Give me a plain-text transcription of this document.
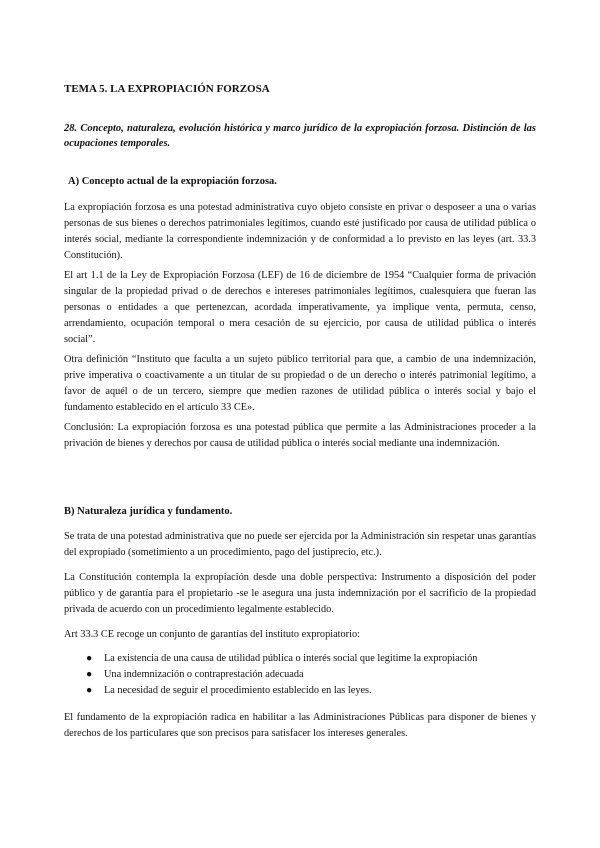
TEMA 5. LA EXPROPIACIÓN FORZOSA
28. Concepto, naturaleza, evolución histórica y marco jurídico de la expropiación forzosa. Distinción de las ocupaciones temporales.
A) Concepto actual de la expropiación forzosa.
La expropiación forzosa es una potestad administrativa cuyo objeto consiste en privar o desposeer a una o varias personas de sus bienes o derechos patrimoniales legítimos, cuando esté justificado por causa de utilidad pública o interés social, mediante la correspondiente indemnización y de conformidad a lo previsto en las leyes (art. 33.3 Constitución).
El art 1.1 de la Ley de Expropiación Forzosa (LEF) de 16 de diciembre de 1954 “Cualquier forma de privación singular de la propiedad privad o de derechos e intereses patrimoniales legítimos, cualesquiera que fueran las personas o entidades a que pertenezcan, acordada imperativamente, ya implique venta, permuta, censo, arrendamiento, ocupación temporal o mera cesación de su ejercicio, por causa de utilidad pública o interés social”.
Otra definición “Instituto que faculta a un sujeto público territorial para que, a cambio de una indemnización, prive imperativa o coactivamente a un titular de su propiedad o de un derecho o interés patrimonial legítimo, a favor de aquél o de un tercero, siempre que medien razones de utilidad pública o interés social y bajo el fundamento establecido en el artículo 33 CE».
Conclusión: La expropiación forzosa es una potestad pública que permite a las Administraciones proceder a la privación de bienes y derechos por causa de utilidad pública o interés social mediante una indemnización.
B) Naturaleza jurídica y fundamento.
Se trata de una potestad administrativa que no puede ser ejercida por la Administración sin respetar unas garantías del expropiado (sometimiento a un procedimiento, pago del justiprecio, etc.).
La Constitución contempla la expropiación desde una doble perspectiva: Instrumento a disposición del poder público y de garantía para el propietario -se le asegura una justa indemnización por el sacrificio de la propiedad privada de acuerdo con un procedimiento legalmente establecido.
Art 33.3 CE recoge un conjunto de garantías del instituto expropiatorio:
● La existencia de una causa de utilidad pública o interés social que legitime la expropiación
● Una indemnización o contraprestación adecuada
● La necesidad de seguir el procedimiento establecido en las leyes.
El fundamento de la expropiación radica en habilitar a las Administraciones Públicas para disponer de bienes y derechos de los particulares que son precisos para satisfacer los intereses generales.
